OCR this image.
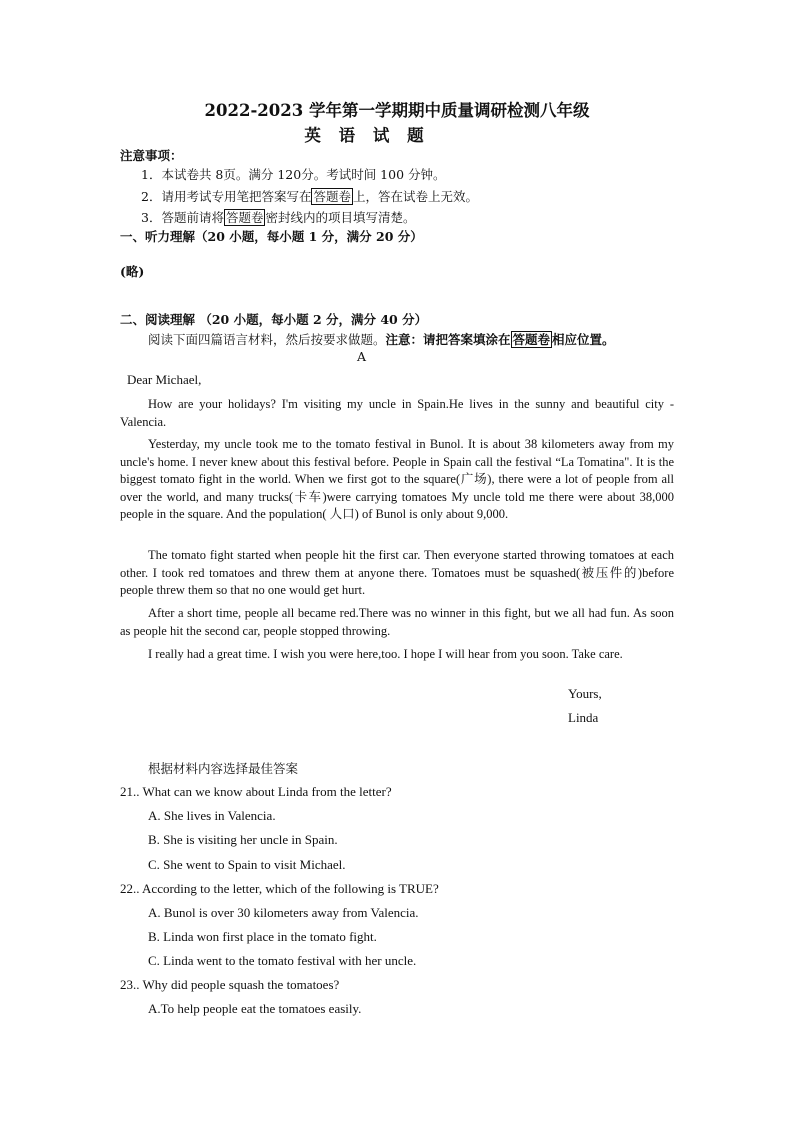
2022-2023 学年第一学期期中质量调研检测八年级
英 语 试 题
注意事项：
1．本试卷共 8页。满分 120分。考试时间 100 分钟。
2．请用考试专用笔把答案写在 答题卷 上，答在试卷上无效。
3．答题前请将 答题卷 密封线内的项目填写清楚。
一、听力理解（20 小题，每小题 1 分，满分 20 分）
(略)
二、阅读理解 （20 小题，每小题 2 分，满分 40 分）
阅读下面四篇语言材料，然后按要求做题。注意：请把答案填涂在 答题卷 相应位置。
A
Dear Michael,
How are your holidays? I'm visiting my uncle in Spain.He lives in the sunny and beautiful city -Valencia.
Yesterday, my uncle took me to the tomato festival in Bunol. It is about 38 kilometers away from my uncle's home. I never knew about this festival before. People in Spain call the festival “La Tomatina". It is the biggest tomato fight in the world. When we first got to the square(广场), there were a lot of people from all over the world, and many trucks(卡车)were carrying tomatoes My uncle told me there were about 38,000 people in the square. And the population( 人口) of Bunol is only about 9,000.
The tomato fight started when people hit the first car. Then everyone started throwing tomatoes at each other. I took red tomatoes and threw them at anyone there. Tomatoes must be squashed(被压件的)before people threw them so that no one would get hurt.
After a short time, people all became red.There was no winner in this fight, but we all had fun. As soon as people hit the second car, people stopped throwing.
I really had a great time. I wish you were here,too. I hope I will hear from you soon. Take care.
Yours,
Linda
根据材料内容选择最佳答案
21.. What can we know about Linda from the letter?
A. She lives in Valencia.
B. She is visiting her uncle in Spain.
C. She went to Spain to visit Michael.
22.. According to the letter, which of the following is TRUE?
A. Bunol is over 30 kilometers away from Valencia.
B. Linda won first place in the tomato fight.
C. Linda went to the tomato festival with her uncle.
23.. Why did people squash the tomatoes?
A.To help people eat the tomatoes easily.
